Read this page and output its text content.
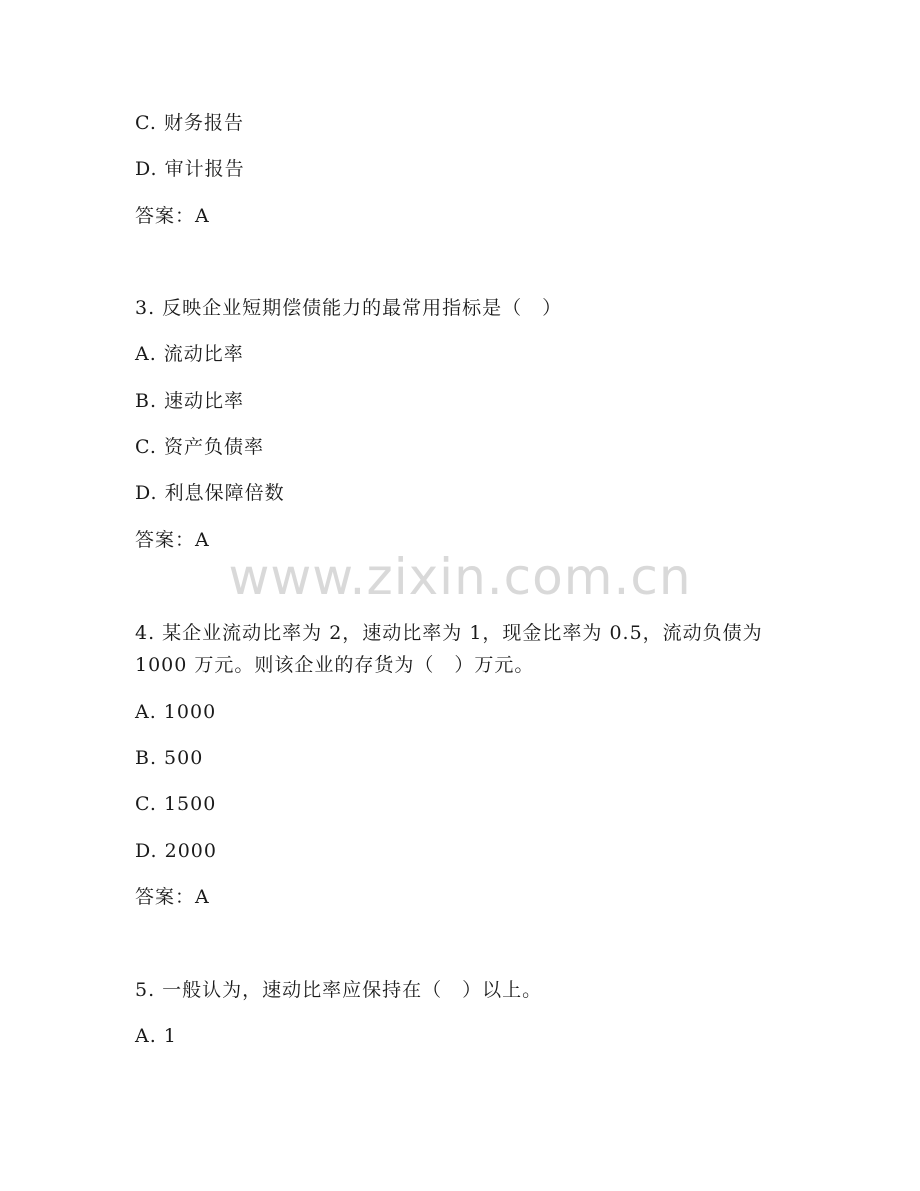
C. 财务报告
D. 审计报告
答案：A
3. 反映企业短期偿债能力的最常用指标是（　）
A. 流动比率
B. 速动比率
C. 资产负债率
D. 利息保障倍数
答案：A
www.zixin.com.cn
4. 某企业流动比率为 2，速动比率为 1，现金比率为 0.5，流动负债为
1000 万元。则该企业的存货为（　）万元。
A. 1000
B. 500
C. 1500
D. 2000
答案：A
5. 一般认为，速动比率应保持在（　）以上。
A. 1
